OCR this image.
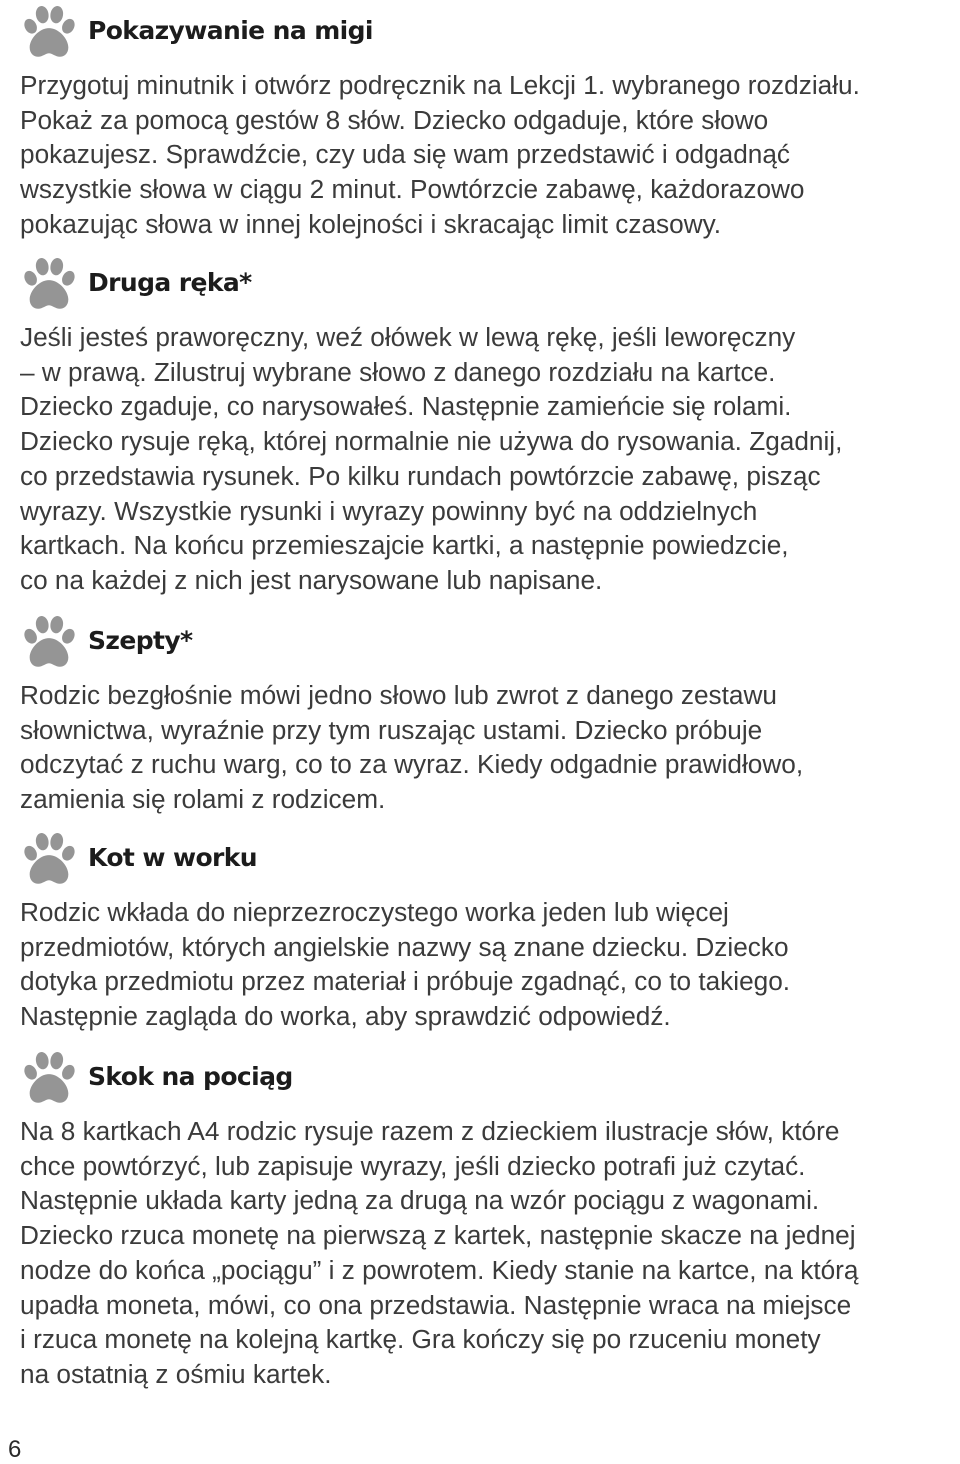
Pokazywanie na migi

Przygotuj minutnik i otwórz podręcznik na Lekcji 1. wybranego rozdziału.
Pokaż za pomocą gestów 8 słów. Dziecko odgaduje, które słowo
pokazujesz. Sprawdźcie, czy uda się wam przedstawić i odgadnąć
wszystkie słowa w ciągu 2 minut. Powtórzcie zabawę, każdorazowo
pokazując słowa w innej kolejności i skracając limit czasowy.

Druga ręka*

Jeśli jesteś praworęczny, weź ołówek w lewą rękę, jeśli leworęczny
– w prawą. Zilustruj wybrane słowo z danego rozdziału na kartce.
Dziecko zgaduje, co narysowałeś. Następnie zamieńcie się rolami.
Dziecko rysuje ręką, której normalnie nie używa do rysowania. Zgadnij,
co przedstawia rysunek. Po kilku rundach powtórzcie zabawę, pisząc
wyrazy. Wszystkie rysunki i wyrazy powinny być na oddzielnych
kartkach. Na końcu przemieszajcie kartki, a następnie powiedzcie,
co na każdej z nich jest narysowane lub napisane.

Szepty*

Rodzic bezgłośnie mówi jedno słowo lub zwrot z danego zestawu
słownictwa, wyraźnie przy tym ruszając ustami. Dziecko próbuje
odczytać z ruchu warg, co to za wyraz. Kiedy odgadnie prawidłowo,
zamienia się rolami z rodzicem.

Kot w worku

Rodzic wkłada do nieprzezroczystego worka jeden lub więcej
przedmiotów, których angielskie nazwy są znane dziecku. Dziecko
dotyka przedmiotu przez materiał i próbuje zgadnąć, co to takiego.
Następnie zagląda do worka, aby sprawdzić odpowiedź.

Skok na pociąg

Na 8 kartkach A4 rodzic rysuje razem z dzieckiem ilustracje słów, które
chce powtórzyć, lub zapisuje wyrazy, jeśli dziecko potrafi już czytać.
Następnie układa karty jedną za drugą na wzór pociągu z wagonami.
Dziecko rzuca monetę na pierwszą z kartek, następnie skacze na jednej
nodze do końca „pociągu” i z powrotem. Kiedy stanie na kartce, na którą
upadła moneta, mówi, co ona przedstawia. Następnie wraca na miejsce
i rzuca monetę na kolejną kartkę. Gra kończy się po rzuceniu monety
na ostatnią z ośmiu kartek.

6
